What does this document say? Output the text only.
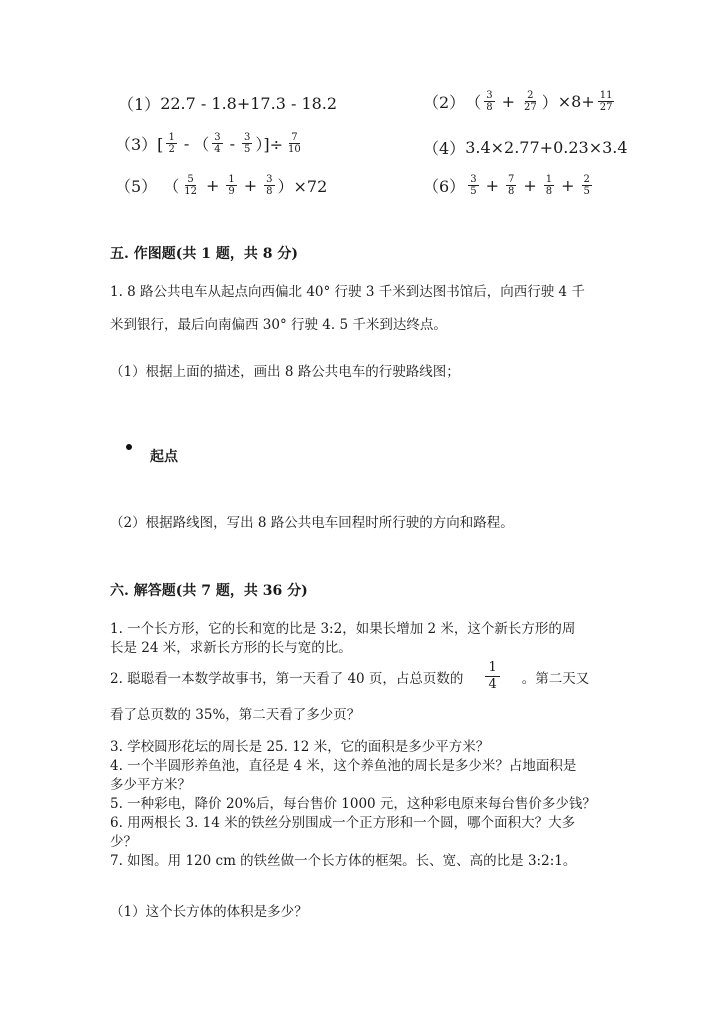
（1） 22.7 - 1.8+17.3 - 18.2	（2） （ $\frac{3}{8} + \frac{2}{27}$ ） $\times 8+ \frac{11}{27}$
$(3)[ \frac{1}{2}$ - （ $\frac{3}{4} - \frac{3}{5}$ ）]÷ $\frac{7}{10}$	（4） 3.4×2.77+0.23×3.4
（5） （ $\frac{5}{12} + \frac{1}{9} + \frac{3}{8} )\times 72$	$(6) \frac{3}{5} + \frac{7}{8} + \frac{1}{8} + \frac{2}{5}$
五. 作图题(共 1 题，共 8 分)
1. 8 路公共电车从起点向西偏北 40° 行驶 3 千米到达图书馆后，向西行驶 4 千
米到银行，最后向南偏西 30° 行驶 4. 5 千米到达终点。
（1）根据上面的描述，画出 8 路公共电车的行驶路线图；
起点
（2）根据路线图，写出 8 路公共电车回程时所行驶的方向和路程。
六. 解答题(共 7 题，共 36 分)
1. 一个长方形，它的长和宽的比是 3:2，如果长增加 2 米，这个新长方形的周
长是 24 米，求新长方形的长与宽的比。
2. 聪聪看一本数学故事书，第一天看了 40 页，占总页数的 $\frac{1}{4}$ 。第二天又
看了总页数的 35%，第二天看了多少页？
3. 学校圆形花坛的周长是 25. 12 米，它的面积是多少平方米？
4. 一个半圆形养鱼池，直径是 4 米，这个养鱼池的周长是多少米？占地面积是
多少平方米？
5. 一种彩电，降价 20%后，每台售价 1000 元，这种彩电原来每台售价多少钱？
6. 用两根长 3. 14 米的铁丝分别围成一个正方形和一个圆，哪个面积大？大多
少？
7. 如图。用 120 cm 的铁丝做一个长方体的框架。长、宽、高的比是 3:2:1。
（1）这个长方体的体积是多少？
